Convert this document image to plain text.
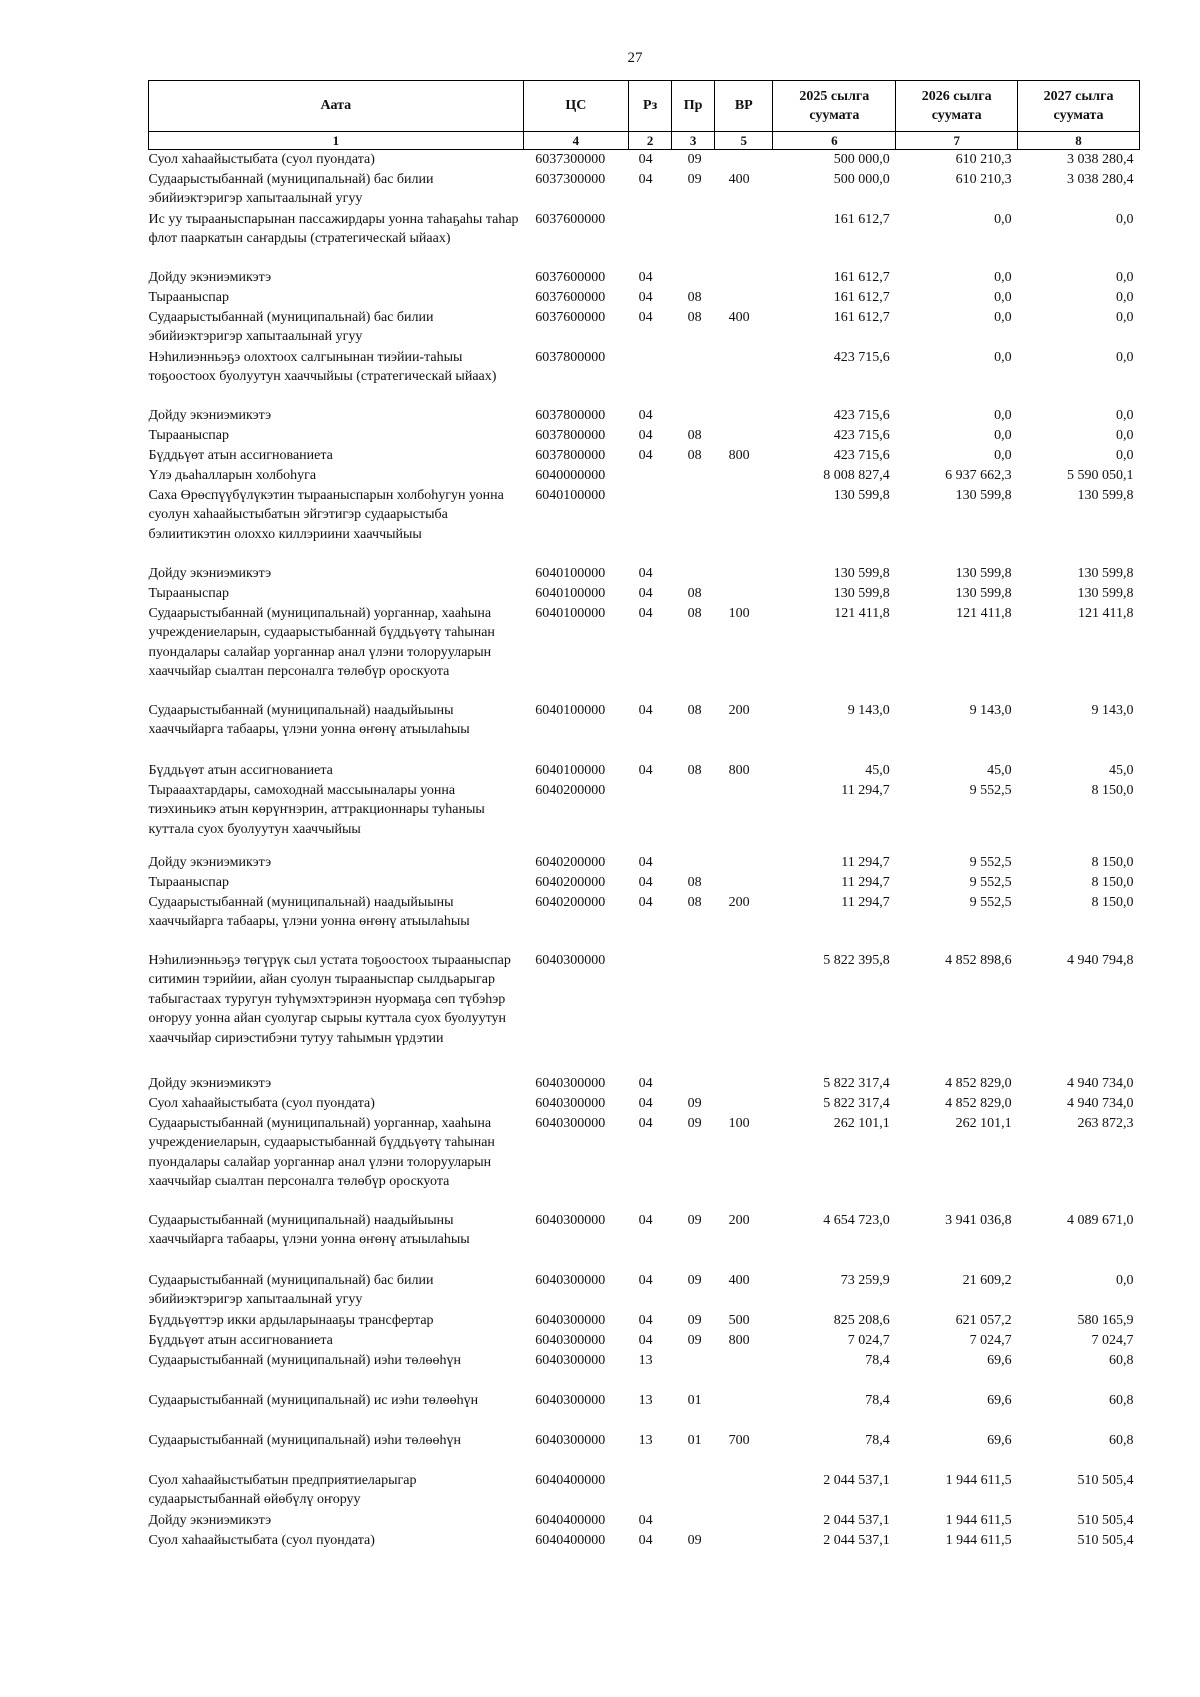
27
Аата	ЦС	Рз	Пр	ВР	2025 сылга суумата	2026 сылга суумата	2027 сылга суумата
1	4	2	3	5	6	7	8
Суол хаһаайыстыбата (суол пуондата)	6037300000	04	09		500 000,0	610 210,3	3 038 280,4
Судаарыстыбаннай (муниципальнай) бас билии эбийиэктэригэр хапытаалынай угуу	6037300000	04	09	400	500 000,0	610 210,3	3 038 280,4
Ис уу тырааныспарынан пассажирдары уонна таһаҕаһы таһар флот пааркатын саҥардыы (стратегическай ыйаах)	6037600000				161 612,7	0,0	0,0
Дойду экэниэмикэтэ	6037600000	04			161 612,7	0,0	0,0
Тырааныспар	6037600000	04	08		161 612,7	0,0	0,0
Судаарыстыбаннай (муниципальнай) бас билии эбийиэктэригэр хапытаалынай угуу	6037600000	04	08	400	161 612,7	0,0	0,0
Нэһилиэнньэҕэ олохтоох салгынынан тиэйии-таһыы тоҕоостоох буолуутун хааччыйыы (стратегическай ыйаах)	6037800000				423 715,6	0,0	0,0
Дойду экэниэмикэтэ	6037800000	04			423 715,6	0,0	0,0
Тырааныспар	6037800000	04	08		423 715,6	0,0	0,0
Бүддьүөт атын ассигнованиета	6037800000	04	08	800	423 715,6	0,0	0,0
Үлэ дьаһалларын холбоһуга	6040000000				8 008 827,4	6 937 662,3	5 590 050,1
Саха Өрөспүүбүлүкэтин тырааныспарын холбоһугун уонна суолун хаһаайыстыбатын эйгэтигэр судаарыстыба бэлиитикэтин олоххо киллэриини хааччыйыы	6040100000				130 599,8	130 599,8	130 599,8
Дойду экэниэмикэтэ	6040100000	04			130 599,8	130 599,8	130 599,8
Тырааныспар	6040100000	04	08		130 599,8	130 599,8	130 599,8
Судаарыстыбаннай (муниципальнай) уорганнар, хааһына учреждениеларын, судаарыстыбаннай бүддьүөтү таһынан пуондалары салайар уорганнар анал үлэни толорууларын хааччыйар сыалтан персоналга төлөбүр ороскуота	6040100000	04	08	100	121 411,8	121 411,8	121 411,8
Судаарыстыбаннай (муниципальнай) наадыйыыны хааччыйарга табаары, үлэни уонна өҥөнү атыылаһыы	6040100000	04	08	200	9 143,0	9 143,0	9 143,0
Бүддьүөт атын ассигнованиета	6040100000	04	08	800	45,0	45,0	45,0
Тырааахтардары, самоходнай массыыналары уонна тиэхиньикэ атын көрүҥнэрин, аттракционнары туһаныы куттала суох буолуутун хааччыйыы	6040200000				11 294,7	9 552,5	8 150,0
Дойду экэниэмикэтэ	6040200000	04			11 294,7	9 552,5	8 150,0
Тырааныспар	6040200000	04	08		11 294,7	9 552,5	8 150,0
Судаарыстыбаннай (муниципальнай) наадыйыыны хааччыйарга табаары, үлэни уонна өҥөнү атыылаһыы	6040200000	04	08	200	11 294,7	9 552,5	8 150,0
Нэһилиэнньэҕэ төгүрүк сыл устата тоҕоостоох тырааныспар ситимин тэрийии, айан суолун тырааныспар сылдьарыгар табыгастаах туругун туһүмэхтэринэн нуормаҕа сөп түбэһэр оҥоруу уонна айан суолугар сырыы куттала суох буолуутун хааччыйар сириэстибэни тутуу таһымын үрдэтии	6040300000				5 822 395,8	4 852 898,6	4 940 794,8
Дойду экэниэмикэтэ	6040300000	04			5 822 317,4	4 852 829,0	4 940 734,0
Суол хаһаайыстыбата (суол пуондата)	6040300000	04	09		5 822 317,4	4 852 829,0	4 940 734,0
Судаарыстыбаннай (муниципальнай) уорганнар, хааһына учреждениеларын, судаарыстыбаннай бүддьүөтү таһынан пуондалары салайар уорганнар анал үлэни толорууларын хааччыйар сыалтан персоналга төлөбүр ороскуота	6040300000	04	09	100	262 101,1	262 101,1	263 872,3
Судаарыстыбаннай (муниципальнай) наадыйыыны хааччыйарга табаары, үлэни уонна өҥөнү атыылаһыы	6040300000	04	09	200	4 654 723,0	3 941 036,8	4 089 671,0
Судаарыстыбаннай (муниципальнай) бас билии эбийиэктэригэр хапытаалынай угуу	6040300000	04	09	400	73 259,9	21 609,2	0,0
Бүддьүөттэр икки ардыларынааҕы трансфертар	6040300000	04	09	500	825 208,6	621 057,2	580 165,9
Бүддьүөт атын ассигнованиета	6040300000	04	09	800	7 024,7	7 024,7	7 024,7
Судаарыстыбаннай (муниципальнай) иэһи төлөөһүн	6040300000	13			78,4	69,6	60,8
Судаарыстыбаннай (муниципальнай) ис иэһи төлөөһүн	6040300000	13	01		78,4	69,6	60,8
Судаарыстыбаннай (муниципальнай) иэһи төлөөһүн	6040300000	13	01	700	78,4	69,6	60,8
Суол хаһаайыстыбатын предприятиеларыгар судаарыстыбаннай өйөбүлү оҥоруу	6040400000				2 044 537,1	1 944 611,5	510 505,4
Дойду экэниэмикэтэ	6040400000	04			2 044 537,1	1 944 611,5	510 505,4
Суол хаһаайыстыбата (суол пуондата)	6040400000	04	09		2 044 537,1	1 944 611,5	510 505,4
